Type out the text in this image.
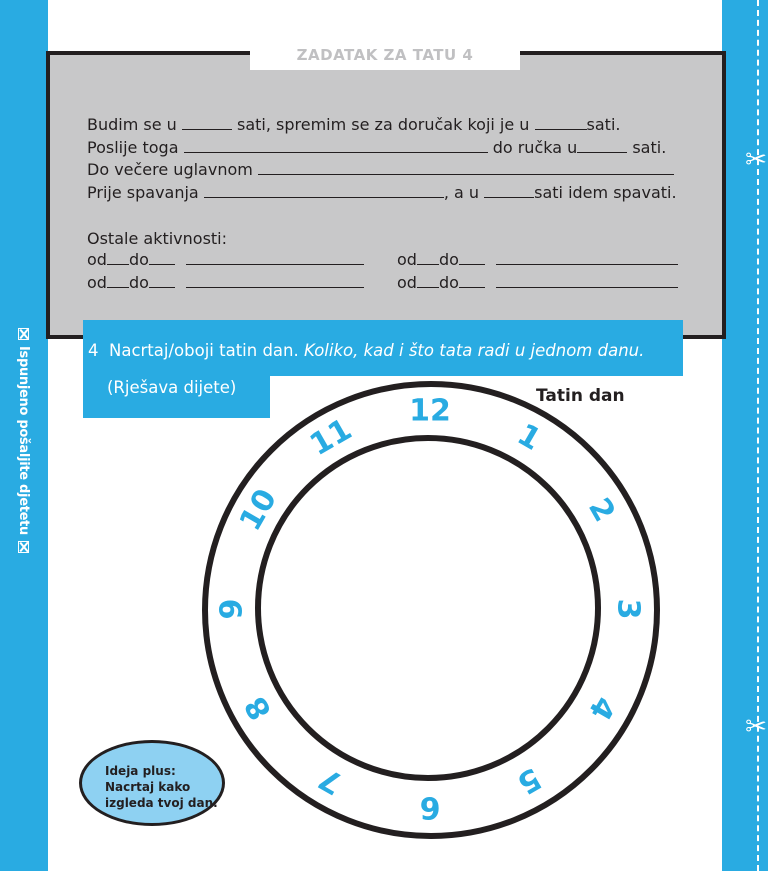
Ispunjeno pošaljite djetetu
✂
✂
ZADATAK ZA TATU 4
Budim se u	sati, spremim se za doručak koji je u	sati.
Poslije toga	do ručka u	sati.
Do večere uglavnom
Prije spavanja	, a u	sati idem spavati.
Ostale aktivnosti:
od do	od do
od do	od do
4 Nacrtaj/oboji tatin dan. Koliko, kad i što tata radi u jednom danu.
(Rješava dijete)	Tatin dan
12
1
2
3
4
5
6
7
8
9
10
11
Ideja plus:
Nacrtaj kako
izgleda tvoj dan.
